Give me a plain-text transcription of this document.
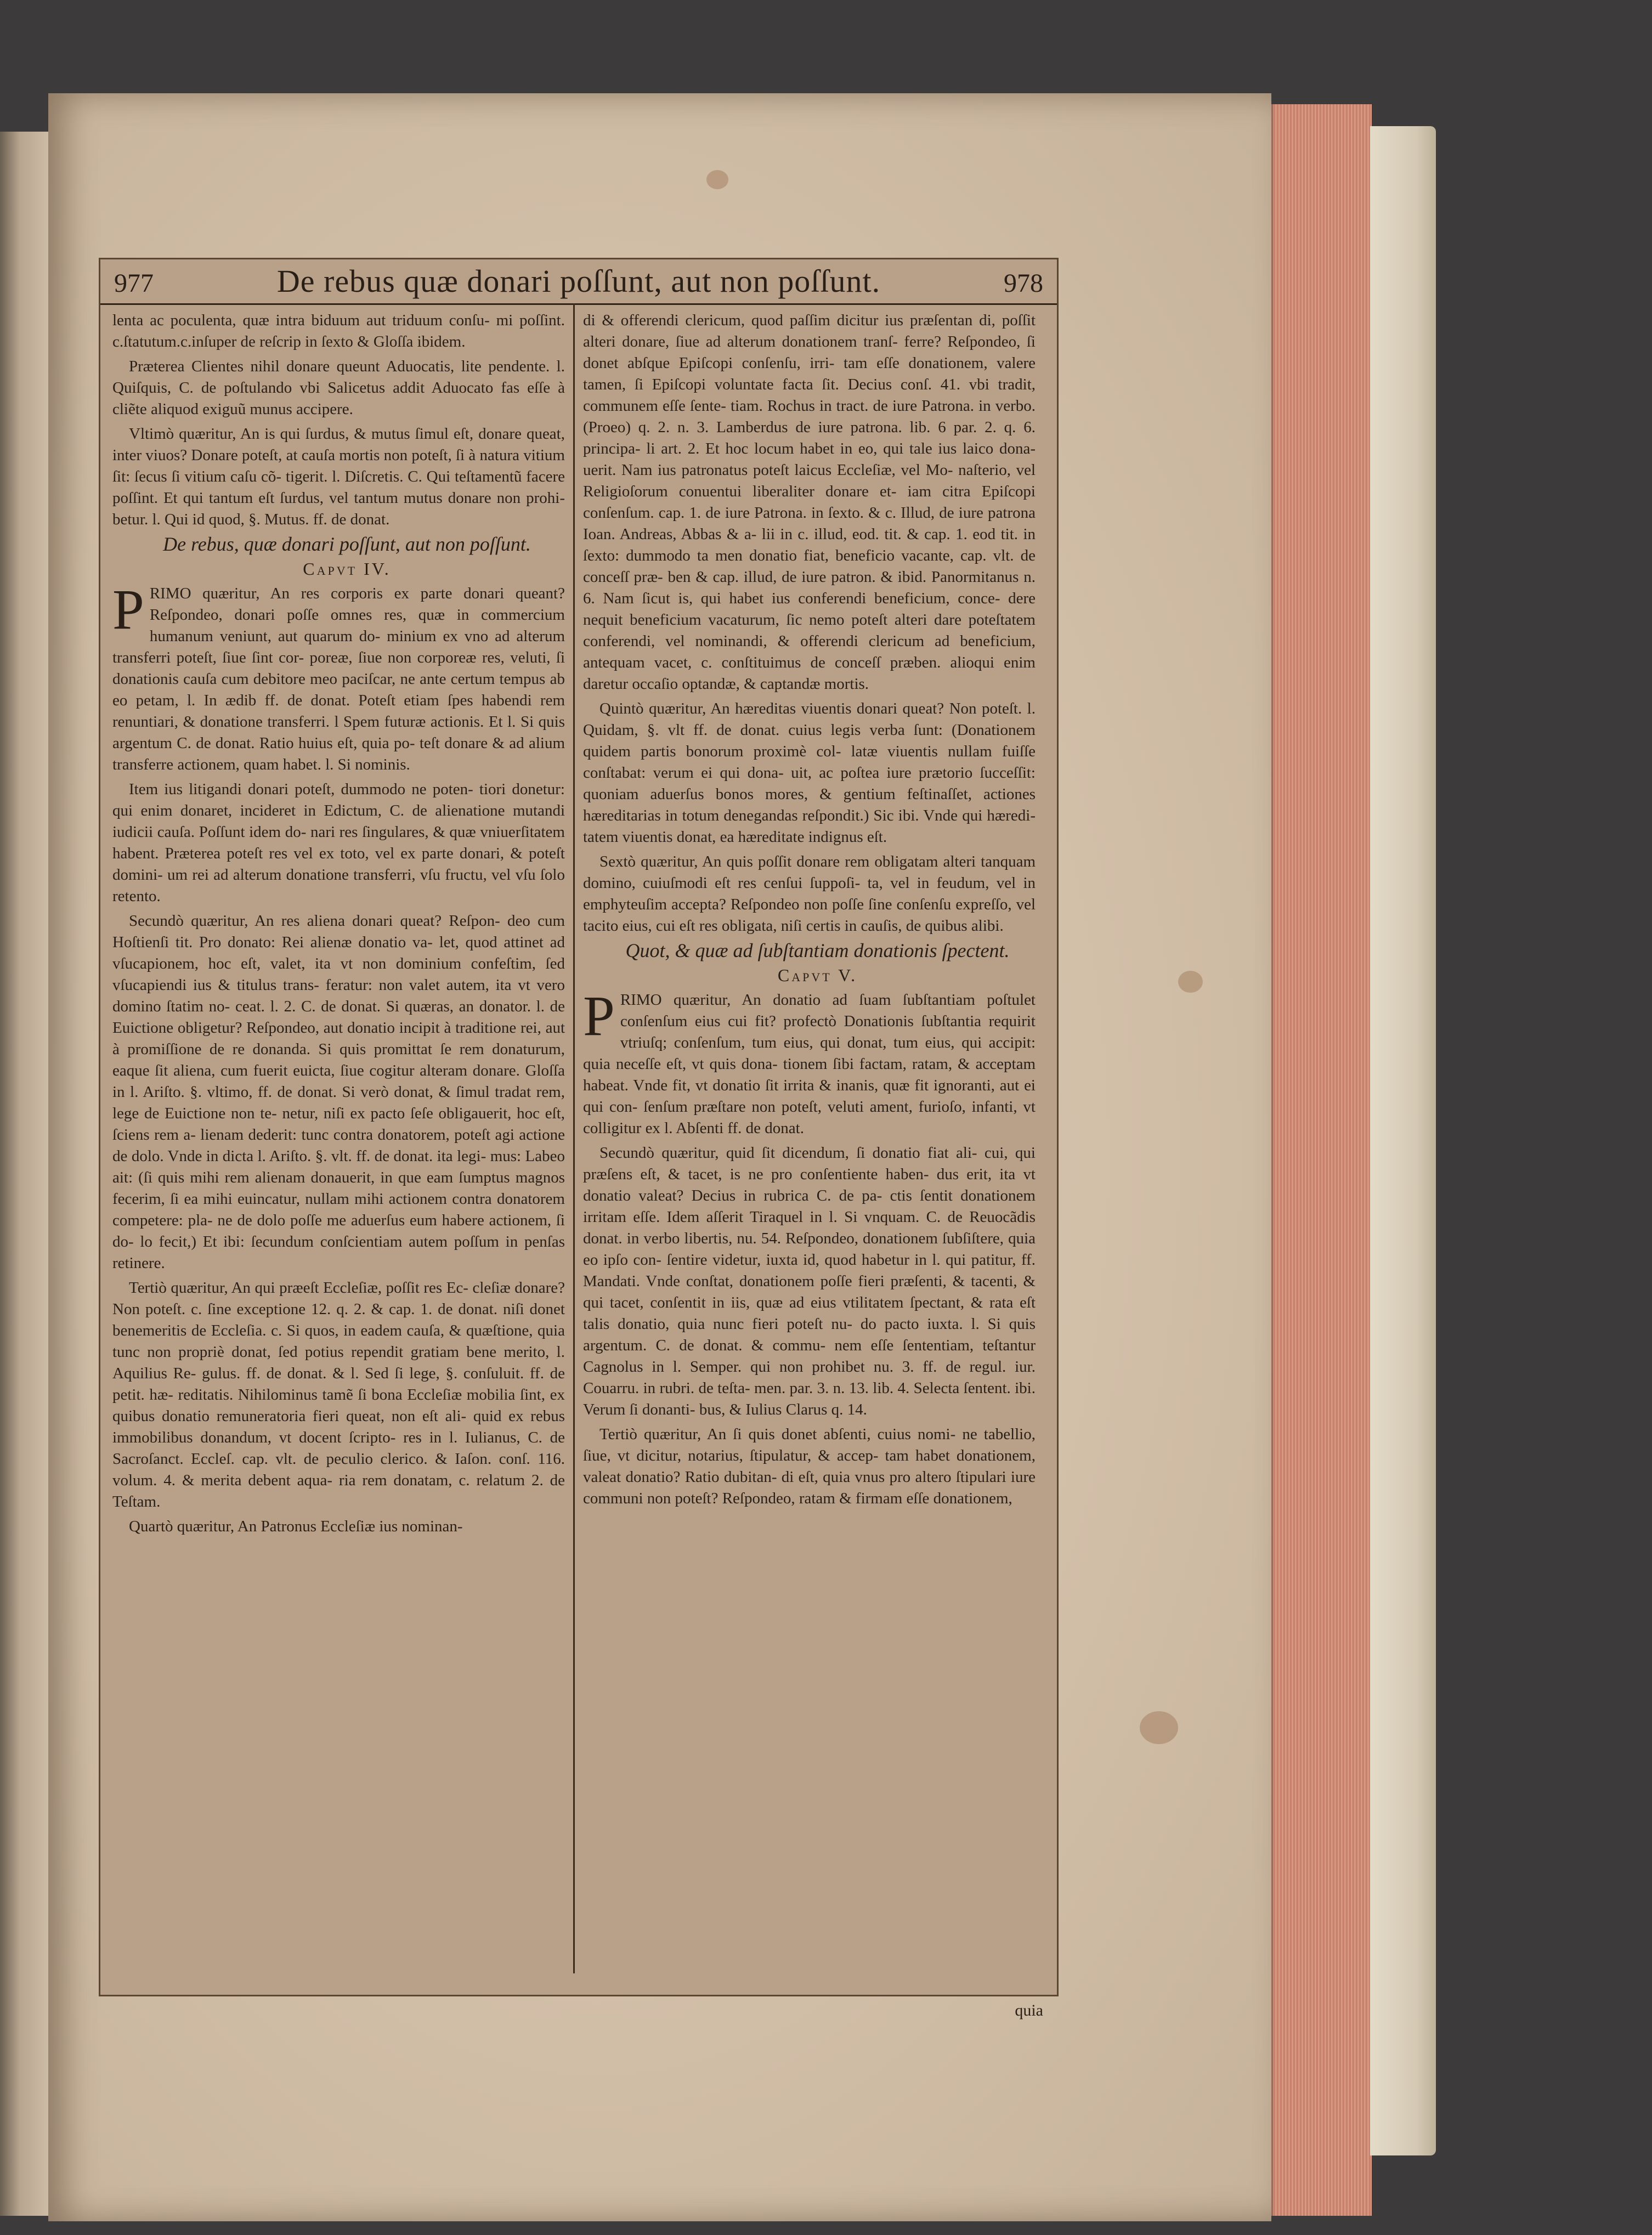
977	De rebus quæ donari poſſunt, aut non poſſunt.	978

lenta ac poculenta, quæ intra biduum aut triduum conſu- mi poſſint. c.ſtatutum.c.inſuper de reſcrip in ſexto & Gloſſa ibidem.

Præterea Clientes nihil donare queunt Aduocatis, lite pendente. l. Quiſquis, C. de poſtulando vbi Salicetus addit Aduocato fas eſſe à cliẽte aliquod exiguũ munus accipere.

Vltimò quæritur, An is qui ſurdus, & mutus ſimul eſt, donare queat, inter viuos? Donare poteſt, at cauſa mortis non poteſt, ſi à natura vitium ſit: ſecus ſi vitium caſu cõ- tigerit. l. Diſcretis. C. Qui teſtamentũ facere poſſint. Et qui tantum eſt ſurdus, vel tantum mutus donare non prohi- betur. l. Qui id quod, §. Mutus. ff. de donat.

De rebus, quæ donari poſſunt, aut non poſſunt.

Capvt IV.

PRIMO quæritur, An res corporis ex parte donari queant? Reſpondeo, donari poſſe omnes res, quæ in commercium humanum veniunt, aut quarum do- minium ex vno ad alterum transferri poteſt, ſiue ſint cor- poreæ, ſiue non corporeæ res, veluti, ſi donationis cauſa cum debitore meo paciſcar, ne ante certum tempus ab eo petam, l. In ædib ff. de donat. Poteſt etiam ſpes habendi rem renuntiari, & donatione transferri. l Spem futuræ actionis. Et l. Si quis argentum C. de donat. Ratio huius eſt, quia po- teſt donare & ad alium transferre actionem, quam habet. l. Si nominis.

Item ius litigandi donari poteſt, dummodo ne poten- tiori donetur: qui enim donaret, incideret in Edictum, C. de alienatione mutandi iudicii cauſa. Poſſunt idem do- nari res ſingulares, & quæ vniuerſitatem habent. Præterea poteſt res vel ex toto, vel ex parte donari, & poteſt domini- um rei ad alterum donatione transferri, vſu fructu, vel vſu ſolo retento.

Secundò quæritur, An res aliena donari queat? Reſpon- deo cum Hoſtienſi tit. Pro donato: Rei alienæ donatio va- let, quod attinet ad vſucapionem, hoc eſt, valet, ita vt non dominium confeſtim, ſed vſucapiendi ius & titulus trans- feratur: non valet autem, ita vt vero domino ſtatim no- ceat. l. 2. C. de donat. Si quæras, an donator. l. de Euictione obligetur? Reſpondeo, aut donatio incipit à traditione rei, aut à promiſſione de re donanda. Si quis promittat ſe rem donaturum, eaque ſit aliena, cum fuerit euicta, ſiue cogitur alteram donare. Gloſſa in l. Ariſto. §. vltimo, ff. de donat. Si verò donat, & ſimul tradat rem, lege de Euictione non te- netur, niſi ex pacto ſeſe obligauerit, hoc eſt, ſciens rem a- lienam dederit: tunc contra donatorem, poteſt agi actione de dolo. Vnde in dicta l. Ariſto. §. vlt. ff. de donat. ita legi- mus: Labeo ait: (ſi quis mihi rem alienam donauerit, in que eam ſumptus magnos fecerim, ſi ea mihi euincatur, nullam mihi actionem contra donatorem competere: pla- ne de dolo poſſe me aduerſus eum habere actionem, ſi do- lo fecit,) Et ibi: ſecundum conſcientiam autem poſſum in penſas retinere.

Tertiò quæritur, An qui præeſt Eccleſiæ, poſſit res Ec- cleſiæ donare? Non poteſt. c. ſine exceptione 12. q. 2. & cap. 1. de donat. niſi donet benemeritis de Eccleſia. c. Si quos, in eadem cauſa, & quæſtione, quia tunc non propriè donat, ſed potius rependit gratiam bene merito, l. Aquilius Re- gulus. ff. de donat. & l. Sed ſi lege, §. conſuluit. ff. de petit. hæ- reditatis. Nihilominus tamẽ ſi bona Eccleſiæ mobilia ſint, ex quibus donatio remuneratoria fieri queat, non eſt ali- quid ex rebus immobilibus donandum, vt docent ſcripto- res in l. Iulianus, C. de Sacroſanct. Eccleſ. cap. vlt. de peculio clerico. & Iaſon. conſ. 116. volum. 4. & merita debent aqua- ria rem donatam, c. relatum 2. de Teſtam.

Quartò quæritur, An Patronus Eccleſiæ ius nominan-

di & offerendi clericum, quod paſſim dicitur ius præſentan di, poſſit alteri donare, ſiue ad alterum donationem tranſ- ferre? Reſpondeo, ſi donet abſque Epiſcopi conſenſu, irri- tam eſſe donationem, valere tamen, ſi Epiſcopi voluntate facta ſit. Decius conſ. 41. vbi tradit, communem eſſe ſente- tiam. Rochus in tract. de iure Patrona. in verbo. (Proeo) q. 2. n. 3. Lamberdus de iure patrona. lib. 6 par. 2. q. 6. principa- li art. 2. Et hoc locum habet in eo, qui tale ius laico dona- uerit. Nam ius patronatus poteſt laicus Eccleſiæ, vel Mo- naſterio, vel Religioſorum conuentui liberaliter donare et- iam citra Epiſcopi conſenſum. cap. 1. de iure Patrona. in ſexto. & c. Illud, de iure patrona Ioan. Andreas, Abbas & a- lii in c. illud, eod. tit. & cap. 1. eod tit. in ſexto: dummodo ta men donatio fiat, beneficio vacante, cap. vlt. de conceſſ præ- ben & cap. illud, de iure patron. & ibid. Panormitanus n. 6. Nam ſicut is, qui habet ius conferendi beneficium, conce- dere nequit beneficium vacaturum, ſic nemo poteſt alteri dare poteſtatem conferendi, vel nominandi, & offerendi clericum ad beneficium, antequam vacet, c. conſtituimus de conceſſ præben. alioqui enim daretur occaſio optandæ, & captandæ mortis.

Quintò quæritur, An hæreditas viuentis donari queat? Non poteſt. l. Quidam, §. vlt ff. de donat. cuius legis verba ſunt: (Donationem quidem partis bonorum proximè col- latæ viuentis nullam fuiſſe conſtabat: verum ei qui dona- uit, ac poſtea iure prætorio ſucceſſit: quoniam aduerſus bonos mores, & gentium feſtinaſſet, actiones hæreditarias in totum denegandas reſpondit.) Sic ibi. Vnde qui hæredi- tatem viuentis donat, ea hæreditate indignus eſt.

Sextò quæritur, An quis poſſit donare rem obligatam alteri tanquam domino, cuiuſmodi eſt res cenſui ſuppoſi- ta, vel in feudum, vel in emphyteuſim accepta? Reſpondeo non poſſe ſine conſenſu expreſſo, vel tacito eius, cui eſt res obligata, niſi certis in cauſis, de quibus alibi.

Quot, & quæ ad ſubſtantiam donationis ſpectent.

Capvt V.

PRIMO quæritur, An donatio ad ſuam ſubſtantiam poſtulet conſenſum eius cui fit? profectò Donationis ſubſtantia requirit vtriuſq; conſenſum, tum eius, qui donat, tum eius, qui accipit: quia neceſſe eſt, vt quis dona- tionem ſibi factam, ratam, & acceptam habeat. Vnde fit, vt donatio ſit irrita & inanis, quæ fit ignoranti, aut ei qui con- ſenſum præſtare non poteſt, veluti ament, furioſo, infanti, vt colligitur ex l. Abſenti ff. de donat.

Secundò quæritur, quid ſit dicendum, ſi donatio fiat ali- cui, qui præſens eſt, & tacet, is ne pro conſentiente haben- dus erit, ita vt donatio valeat? Decius in rubrica C. de pa- ctis ſentit donationem irritam eſſe. Idem aſſerit Tiraquel in l. Si vnquam. C. de Reuocãdis donat. in verbo libertis, nu. 54. Reſpondeo, donationem ſubſiſtere, quia eo ipſo con- ſentire videtur, iuxta id, quod habetur in l. qui patitur, ff. Mandati. Vnde conſtat, donationem poſſe fieri præſenti, & tacenti, & qui tacet, conſentit in iis, quæ ad eius vtilitatem ſpectant, & rata eſt talis donatio, quia nunc fieri poteſt nu- do pacto iuxta. l. Si quis argentum. C. de donat. & commu- nem eſſe ſententiam, teſtantur Cagnolus in l. Semper. qui non prohibet nu. 3. ff. de regul. iur. Couarru. in rubri. de teſta- men. par. 3. n. 13. lib. 4. Selecta ſentent. ibi. Verum ſi donanti- bus, & Iulius Clarus q. 14.

Tertiò quæritur, An ſi quis donet abſenti, cuius nomi- ne tabellio, ſiue, vt dicitur, notarius, ſtipulatur, & accep- tam habet donationem, valeat donatio? Ratio dubitan- di eſt, quia vnus pro altero ſtipulari iure communi non poteſt? Reſpondeo, ratam & firmam eſſe donationem,

quia
